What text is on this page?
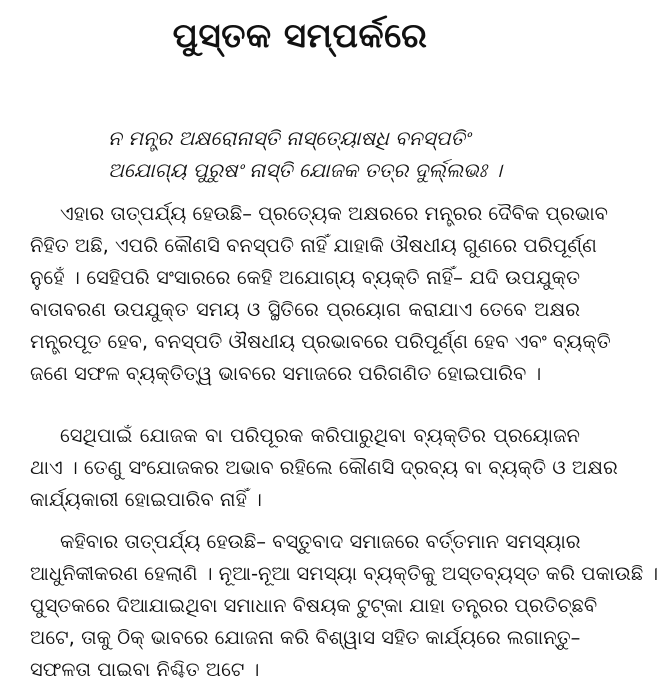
ପୁସ୍ତକ ସମ୍ପର୍କରେ
ନ ମନ୍ତ୍ର ଅକ୍ଷରୋନାସ୍ତି ନାସ୍ତ୍ୟୋଷଧି ବନସ୍ପତିଂ
ଅଯୋଗ୍ୟ ପୁରୁଷଂ ନାସ୍ତି ଯୋଜକ ତତ୍ର ଦୁର୍ଲ୍ଲଭଃ ।
ଏହାର ତାତ୍ପର୍ଯ୍ୟ ହେଉଛି– ପ୍ରତ୍ୟେକ ଅକ୍ଷରରେ ମନ୍ତ୍ରର ଦୈବିକ ପ୍ରଭାବ
ନିହିତ ଅଛି, ଏପରି କୌଣସି ବନସ୍ପତି ନାହିଁ ଯାହାକି ଔଷଧୀୟ ଗୁଣରେ ପରିପୂର୍ଣ୍ଣ
ନୁହେଁ । ସେହିପରି ସଂସାରରେ କେହି ଅଯୋଗ୍ୟ ବ୍ୟକ୍ତି ନାହିଁ– ଯଦି ଉପଯୁକ୍ତ
ବାତାବରଣ ଉପଯୁକ୍ତ ସମୟ ଓ ସ୍ଥିତିରେ ପ୍ରୟୋଗ କରାଯାଏ ତେବେ ଅକ୍ଷର
ମନ୍ତ୍ରପୂତ ହେବ, ବନସ୍ପତି ଔଷଧୀୟ ପ୍ରଭାବରେ ପରିପୂର୍ଣ୍ଣ ହେବ ଏବଂ ବ୍ୟକ୍ତି
ଜଣେ ସଫଳ ବ୍ୟକ୍ତିତ୍ୱ ଭାବରେ ସମାଜରେ ପରିଗଣିତ ହୋଇପାରିବ ।
ସେଥିପାଇଁ ଯୋଜକ ବା ପରିପୂରକ କରିପାରୁଥିବା ବ୍ୟକ୍ତିର ପ୍ରୟୋଜନ
ଥାଏ । ତେଣୁ ସଂଯୋଜକର ଅଭାବ ରହିଲେ କୌଣସି ଦ୍ରବ୍ୟ ବା ବ୍ୟକ୍ତି ଓ ଅକ୍ଷର
କାର୍ଯ୍ୟକାରୀ ହୋଇପାରିବ ନାହିଁ ।
କହିବାର ତାତ୍ପର୍ଯ୍ୟ ହେଉଛି– ବସ୍ତୁବାଦ ସମାଜରେ ବର୍ତ୍ତମାନ ସମସ୍ୟାର
ଆଧୁନିକୀକରଣ ହେଲାଣି । ନୂଆ-ନୂଆ ସମସ୍ୟା ବ୍ୟକ୍ତିକୁ ଅସ୍ତବ୍ୟସ୍ତ କରି ପକାଉଛି ।
ପୁସ୍ତକରେ ଦିଆଯାଇଥିବା ସମାଧାନ ବିଷୟକ ଟୁଟ୍‌କା ଯାହା ତନ୍ତ୍ରର ପ୍ରତିଚ୍ଛବି
ଅଟେ, ତାକୁ ଠିକ୍ ଭାବରେ ଯୋଜନା କରି ବିଶ୍ୱାସ ସହିତ କାର୍ଯ୍ୟରେ ଲଗାନ୍ତୁ–
ସଫଳତା ପାଇବା ନିଶ୍ଚିତ ଅଟେ ।
